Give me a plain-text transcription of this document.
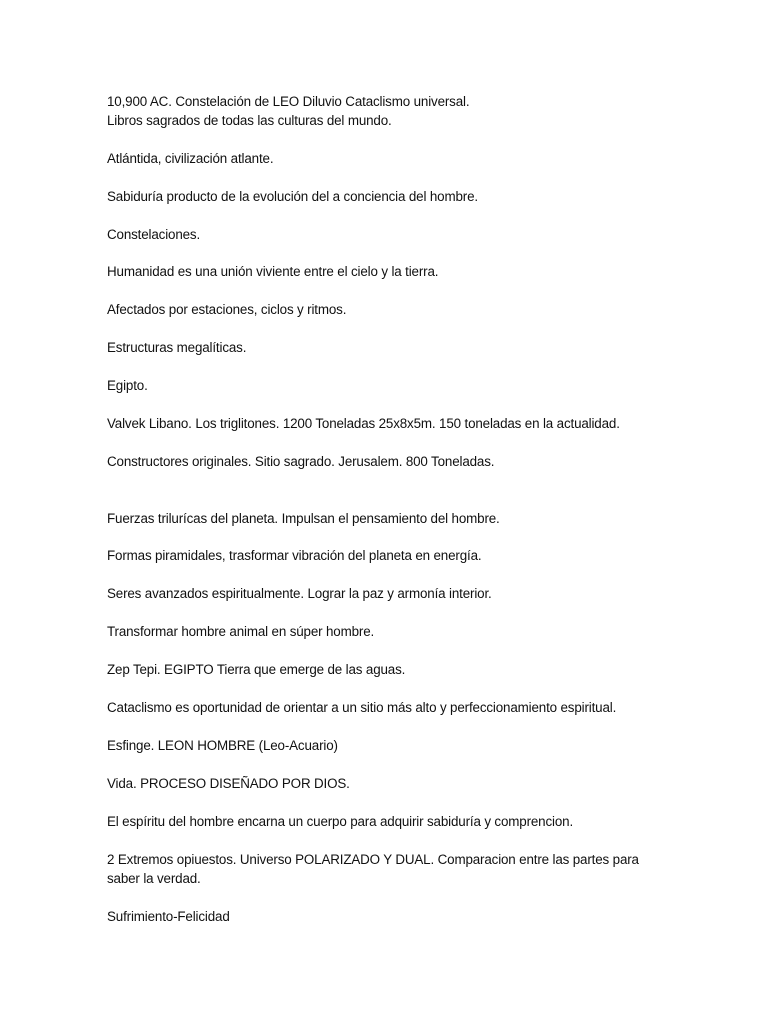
10,900 AC. Constelación de LEO Diluvio Cataclismo universal.
Libros sagrados de todas las culturas del mundo.
Atlántida, civilización atlante.
Sabiduría producto de la evolución del a conciencia del hombre.
Constelaciones.
Humanidad es una unión viviente entre el cielo y la tierra.
Afectados por estaciones, ciclos y ritmos.
Estructuras megalíticas.
Egipto.
Valvek Libano. Los triglitones. 1200 Toneladas 25x8x5m. 150 toneladas en la actualidad.
Constructores originales. Sitio sagrado. Jerusalem. 800 Toneladas.
Fuerzas trilurícas del planeta. Impulsan el pensamiento del hombre.
Formas piramidales, trasformar vibración del planeta en energía.
Seres avanzados espiritualmente. Lograr la paz y armonía interior.
Transformar hombre animal en súper hombre.
Zep Tepi. EGIPTO Tierra que emerge de las aguas.
Cataclismo es oportunidad de orientar a un sitio más alto y perfeccionamiento espiritual.
Esfinge. LEON HOMBRE (Leo-Acuario)
Vida. PROCESO DISEÑADO POR DIOS.
El espíritu del hombre encarna un cuerpo para adquirir sabiduría y comprencion.
2 Extremos opiuestos. Universo POLARIZADO Y DUAL. Comparacion entre las partes para
saber la verdad.
Sufrimiento-Felicidad
